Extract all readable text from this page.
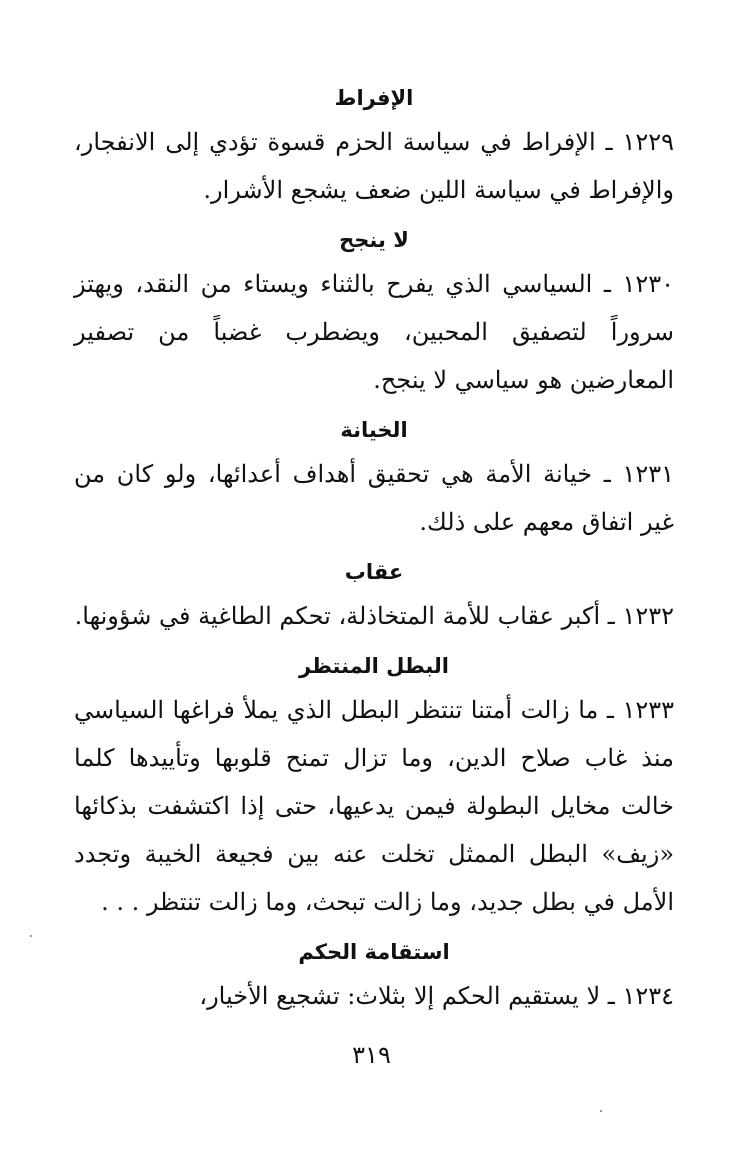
الإفراط

١٢٢٩ ـ الإفراط في سياسة الحزم قسوة تؤدي إلى الانفجار، والإفراط في سياسة اللين ضعف يشجع الأشرار.

لا ينجح

١٢٣٠ ـ السياسي الذي يفرح بالثناء ويستاء من النقد، ويهتز سروراً لتصفيق المحبين، ويضطرب غضباً من تصفير المعارضين هو سياسي لا ينجح.

الخيانة

١٢٣١ ـ خيانة الأمة هي تحقيق أهداف أعدائها، ولو كان من غير اتفاق معهم على ذلك.

عقاب

١٢٣٢ ـ أكبر عقاب للأمة المتخاذلة، تحكم الطاغية في شؤونها.

البطل المنتظر

١٢٣٣ ـ ما زالت أمتنا تنتظر البطل الذي يملأ فراغها السياسي منذ غاب صلاح الدين، وما تزال تمنح قلوبها وتأييدها كلما خالت مخايل البطولة فيمن يدعيها، حتى إذا اكتشفت بذكائها «زيف» البطل الممثل تخلت عنه بين فجيعة الخيبة وتجدد الأمل في بطل جديد، وما زالت تبحث، وما زالت تنتظر . . .

استقامة الحكم

١٢٣٤ ـ لا يستقيم الحكم إلا بثلاث: تشجيع الأخيار،

٣١٩
